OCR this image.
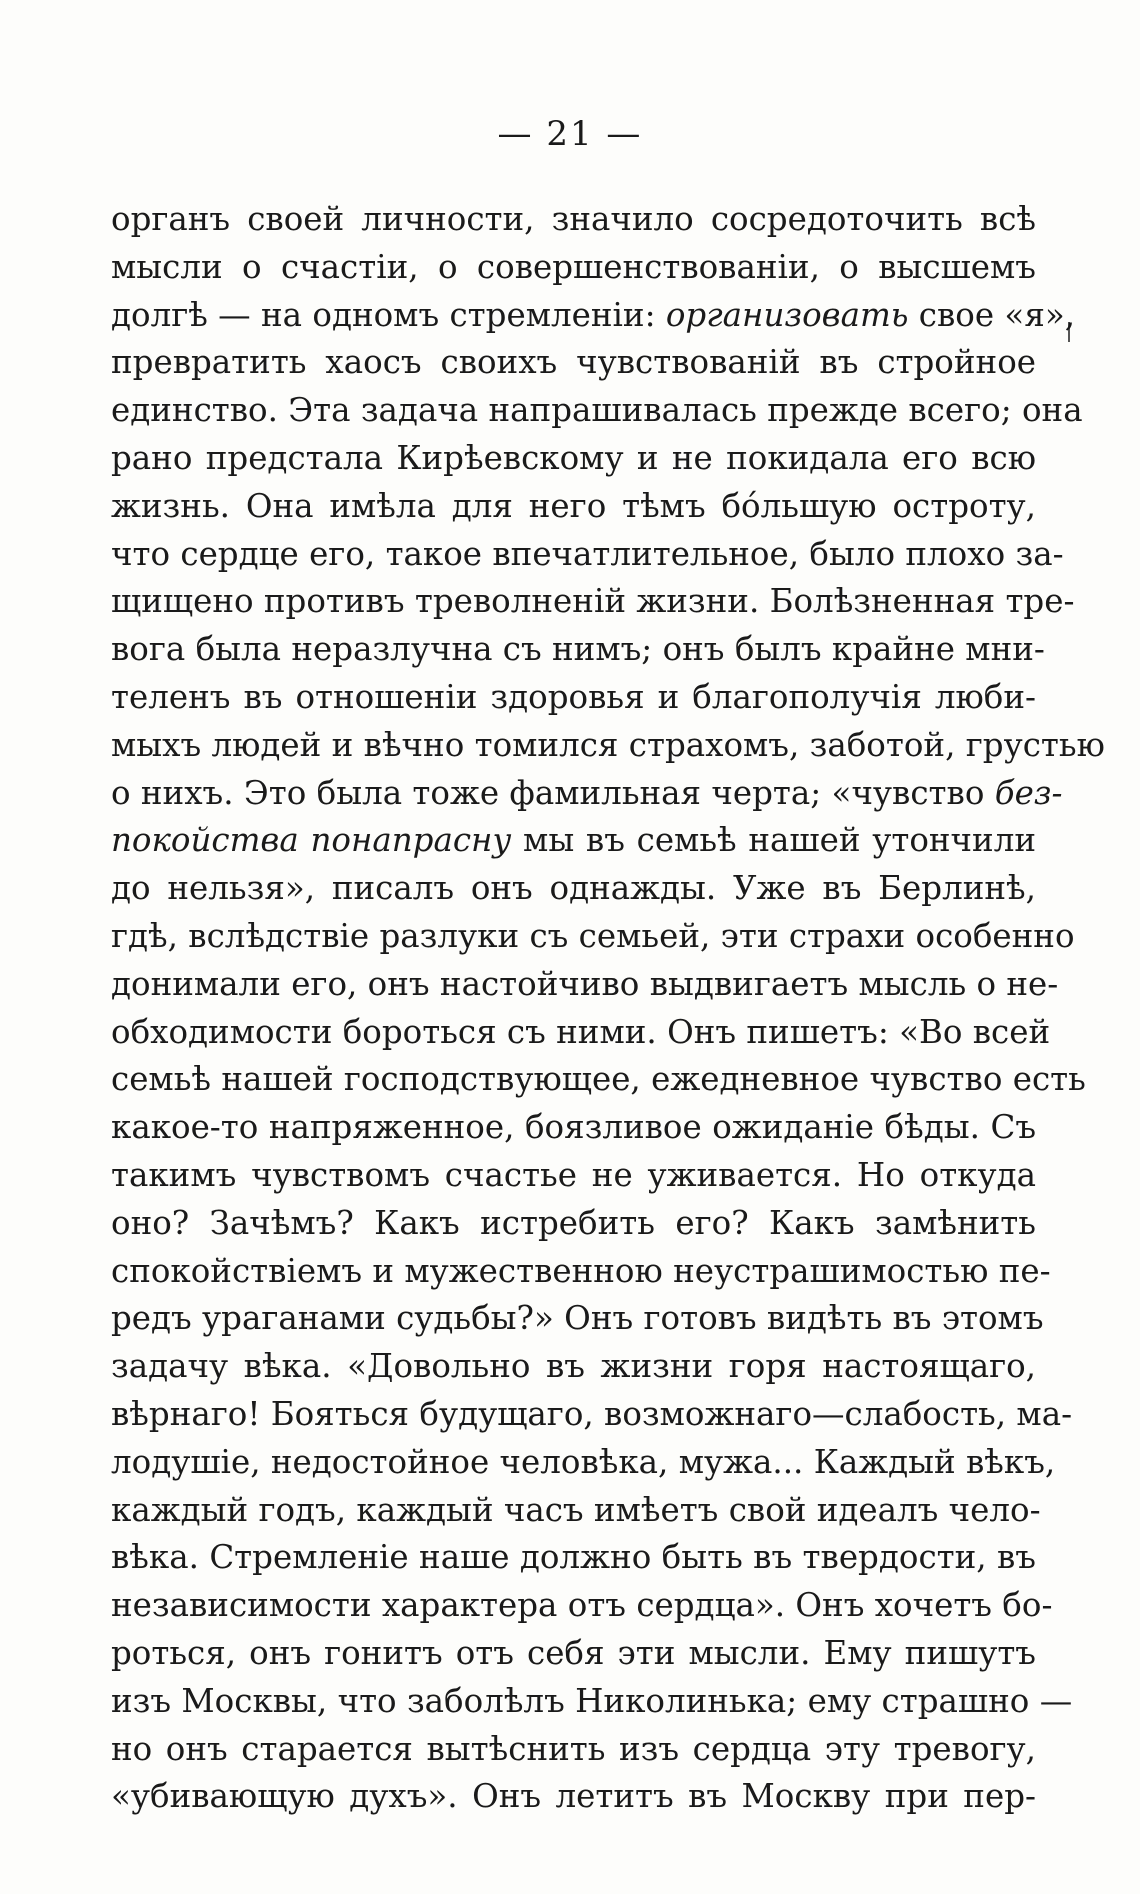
— 21 —
органъ своей личности, значило сосредоточить всѣ
мысли о счастіи, о совершенствованіи, о высшемъ
долгѣ — на одномъ стремленіи: организовать свое «я»,
превратить хаосъ своихъ чувствованій въ стройное
единство. Эта задача напрашивалась прежде всего; она
рано предстала Кирѣевскому и не покидала его всю
жизнь. Она имѣла для него тѣмъ бóльшую остроту,
что сердце его, такое впечатлительное, было плохо за-
щищено противъ треволненій жизни. Болѣзненная тре-
вога была неразлучна съ нимъ; онъ былъ крайне мни-
теленъ въ отношеніи здоровья и благополучія люби-
мыхъ людей и вѣчно томился страхомъ, заботой, грустью
о нихъ. Это была тоже фамильная черта; «чувство без-
покойства понапрасну мы въ семьѣ нашей утончили
до нельзя», писалъ онъ однажды. Уже въ Берлинѣ,
гдѣ, вслѣдствіе разлуки съ семьей, эти страхи особенно
донимали его, онъ настойчиво выдвигаетъ мысль о не-
обходимости бороться съ ними. Онъ пишетъ: «Во всей
семьѣ нашей господствующее, ежедневное чувство есть
какое-то напряженное, боязливое ожиданіе бѣды. Съ
такимъ чувствомъ счастье не уживается. Но откуда
оно? Зачѣмъ? Какъ истребить его? Какъ замѣнить
спокойствіемъ и мужественною неустрашимостью пе-
редъ ураганами судьбы?» Онъ готовъ видѣть въ этомъ
задачу вѣка. «Довольно въ жизни горя настоящаго,
вѣрнаго! Бояться будущаго, возможнаго—слабость, ма-
лодушіе, недостойное человѣка, мужа... Каждый вѣкъ,
каждый годъ, каждый часъ имѣетъ свой идеалъ чело-
вѣка. Стремленіе наше должно быть въ твердости, въ
независимости характера отъ сердца». Онъ хочетъ бо-
роться, онъ гонитъ отъ себя эти мысли. Ему пишутъ
изъ Москвы, что заболѣлъ Николинька; ему страшно —
но онъ старается вытѣснить изъ сердца эту тревогу,
«убивающую духъ». Онъ летитъ въ Москву при пер-
